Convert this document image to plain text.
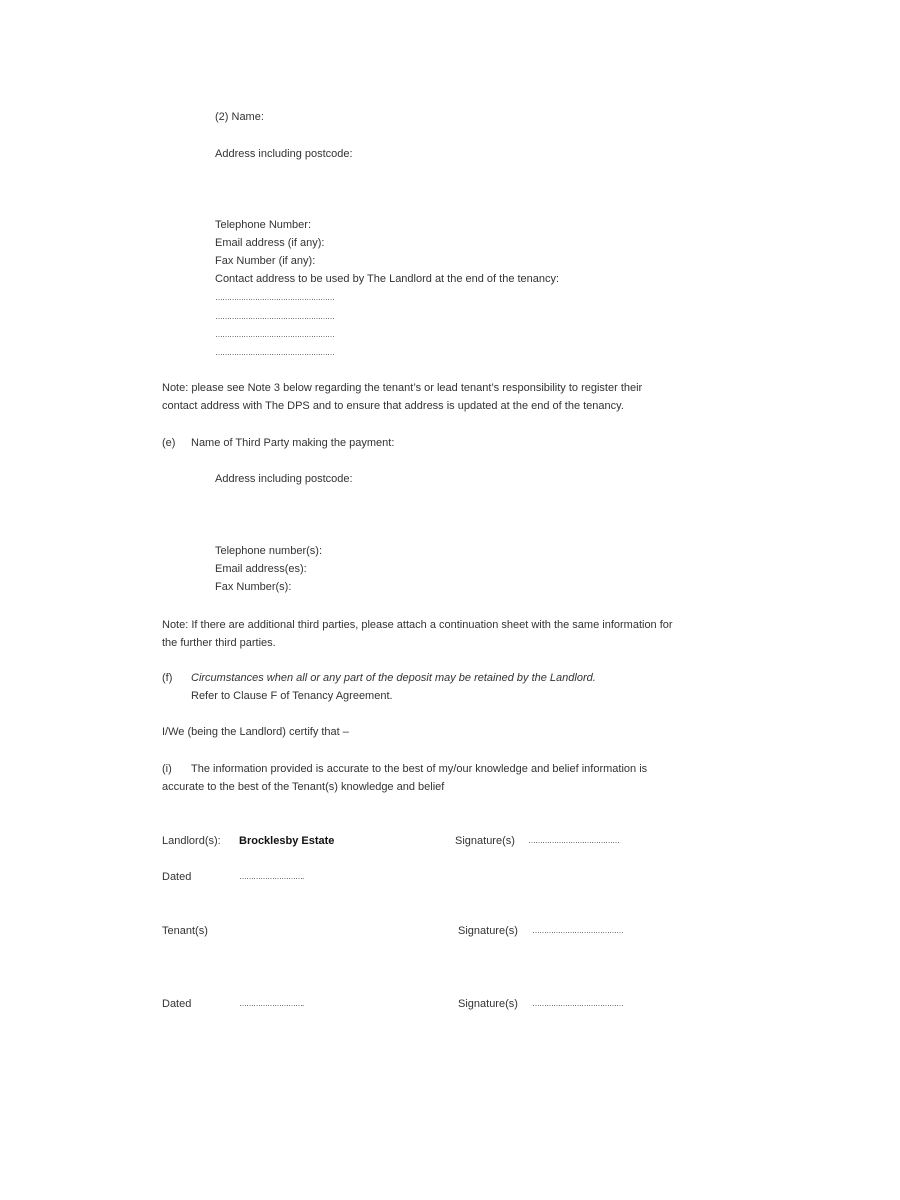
(2) Name:
Address including postcode:
Telephone Number:
Email address (if any):
Fax Number (if any):
Contact address to be used by The Landlord at the end of the tenancy:
……………………………………………
……………………………………………
……………………………………………
……………………………………………
Note: please see Note 3 below regarding the tenant’s or lead tenant’s responsibility to register their
contact address with The DPS and to ensure that address is updated at the end of the tenancy.
(e) Name of Third Party making the payment:
Address including postcode:
Telephone number(s):
Email address(es):
Fax Number(s):
Note: If there are additional third parties, please attach a continuation sheet with the same information for
the further third parties.
(f) Circumstances when all or any part of the deposit may be retained by the Landlord.
Refer to Clause F of Tenancy Agreement.
I/We (being the Landlord) certify that –
(i) The information provided is accurate to the best of my/our knowledge and belief information is
accurate to the best of the Tenant(s) knowledge and belief
Landlord(s): Brocklesby Estate	Signature(s) …………………………………
Dated	……………………….
Tenant(s)	Signature(s) …………………………………
Dated	……………………….	Signature(s) …………………………………
